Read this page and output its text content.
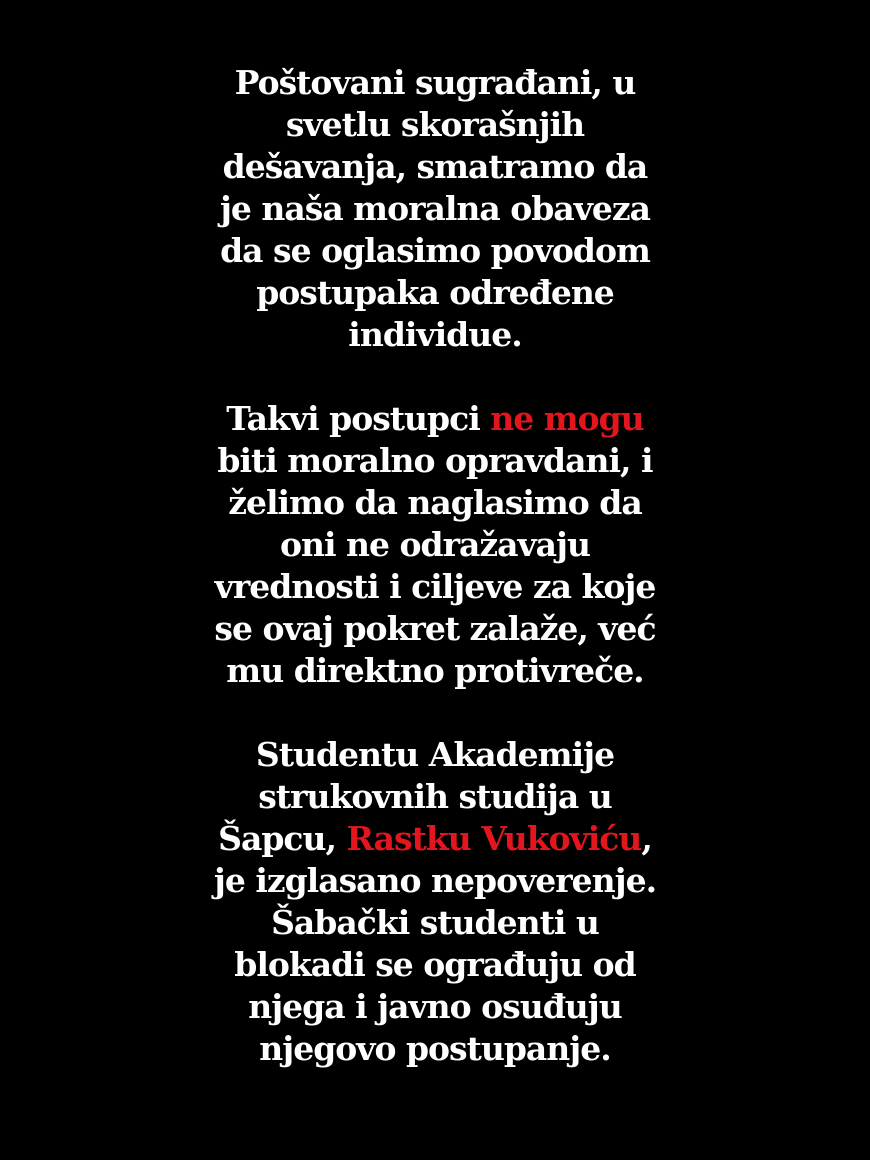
Poštovani sugrađani, u
svetlu skorašnjih
dešavanja, smatramo da
je naša moralna obaveza
da se oglasimo povodom
postupaka određene
individue.

Takvi postupci ne mogu
biti moralno opravdani, i
želimo da naglasimo da
oni ne odražavaju
vrednosti i ciljeve za koje
se ovaj pokret zalaže, već
mu direktno protivreče.

Studentu Akademije
strukovnih studija u
Šapcu, Rastku Vukoviću,
je izglasano nepoverenje.
Šabački studenti u
blokadi se ograđuju od
njega i javno osuđuju
njegovo postupanje.
